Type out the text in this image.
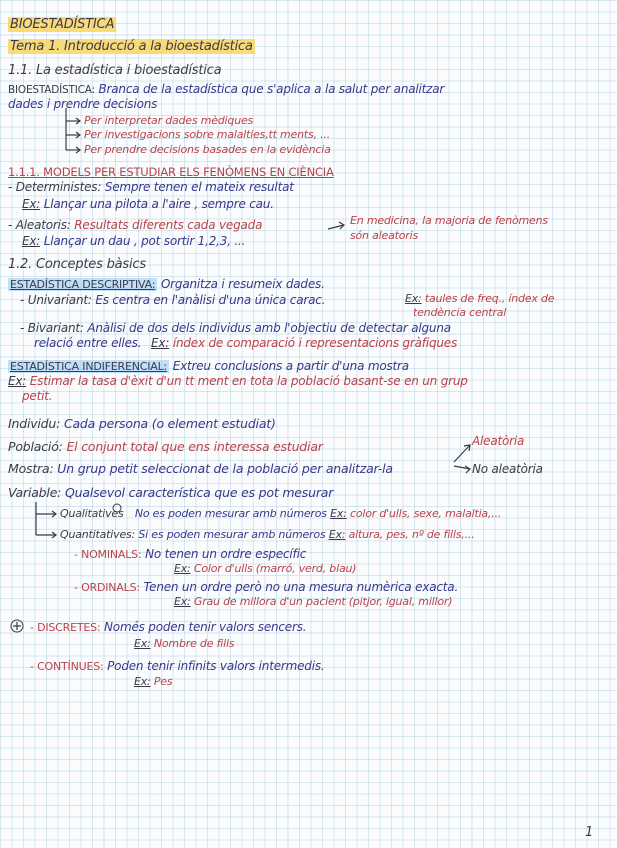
BIOESTADÍSTICA
Tema 1. Introducció a la bioestadística
1.1. La estadística i bioestadística
BIOESTADÍSTICA: Branca de la estadística que s'aplica a la salut per analitzar
dades i prendre decisions
Per interpretar dades mèdiques
Per investigacions sobre malalties,tt ments, ...
Per prendre decisions basades en la evidència
1.1.1. MODELS PER ESTUDIAR ELS FENÒMENS EN CIÈNCIA
- Deterministes: Sempre tenen el mateix resultat
Ex: Llançar una pilota a l'aire , sempre cau.
- Aleatoris: Resultats diferents cada vegada
Ex: Llançar un dau , pot sortir 1,2,3, ...
En medicina, la majoria de fenòmens
són aleatoris
1.2. Conceptes bàsics
ESTADÍSTICA DESCRIPTIVA: Organitza i resumeix dades.
- Univariant: Es centra en l'anàlisi d'una única carac.	Ex: taules de freq., índex de
tendència central
- Bivariant: Anàlisi de dos dels individus amb l'objectiu de detectar alguna
relació entre elles. Ex: índex de comparació i representacions gràfiques
ESTADÍSTICA INDIFERENCIAL: Extreu conclusions a partir d'una mostra
Ex: Estimar la tasa d'èxit d'un tt ment en tota la població basant-se en un grup
petit.
Individu: Cada persona (o element estudiat)
Població: El conjunt total que ens interessa estudiar
Mostra: Un grup petit seleccionat de la població per analitzar-la
Aleatòria
No aleatòria
Variable: Qualsevol característica que es pot mesurar
Qualitatives No es poden mesurar amb números Ex: color d'ulls, sexe, malaltia,...
Quantitatives: Si es poden mesurar amb números Ex: altura, pes, nº de fills,...
- NOMINALS: No tenen un ordre específic
Ex: Color d'ulls (marró, verd, blau)
- ORDINALS: Tenen un ordre però no una mesura numèrica exacta.
Ex: Grau de millora d'un pacient (pitjor, igual, millor)
- DISCRETES: Només poden tenir valors sencers.
Ex: Nombre de fills
- CONTÍNUES: Poden tenir infinits valors intermedis.
Ex: Pes
1
